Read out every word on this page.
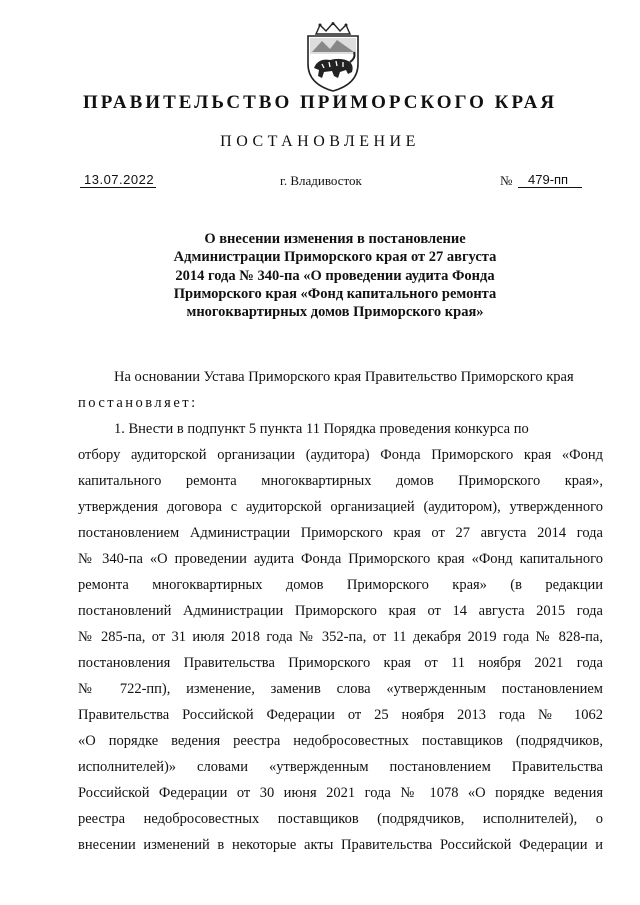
ПРАВИТЕЛЬСТВО ПРИМОРСКОГО КРАЯ
ПОСТАНОВЛЕНИЕ
13.07.2022	г. Владивосток	№	479-пп
О внесении изменения в постановление
Администрации Приморского края от 27 августа
2014 года № 340-па «О проведении аудита Фонда
Приморского края «Фонд капитального ремонта
многоквартирных домов Приморского края»
На основании Устава Приморского края Правительство Приморского края
постановляет:
1. Внести в подпункт 5 пункта 11 Порядка проведения конкурса по
отбору аудиторской организации (аудитора) Фонда Приморского края «Фонд
капитального ремонта многоквартирных домов Приморского края»,
утверждения договора с аудиторской организацией (аудитором), утвержденного
постановлением Администрации Приморского края от 27 августа 2014 года
№ 340-па «О проведении аудита Фонда Приморского края «Фонд капитального
ремонта многоквартирных домов Приморского края» (в редакции
постановлений Администрации Приморского края от 14 августа 2015 года
№ 285-па, от 31 июля 2018 года № 352-па, от 11 декабря 2019 года № 828-па,
постановления Правительства Приморского края от 11 ноября 2021 года
№ 722-пп), изменение, заменив слова «утвержденным постановлением
Правительства Российской Федерации от 25 ноября 2013 года № 1062
«О порядке ведения реестра недобросовестных поставщиков (подрядчиков,
исполнителей)» словами «утвержденным постановлением Правительства
Российской Федерации от 30 июня 2021 года № 1078 «О порядке ведения
реестра недобросовестных поставщиков (подрядчиков, исполнителей), о
внесении изменений в некоторые акты Правительства Российской Федерации и
